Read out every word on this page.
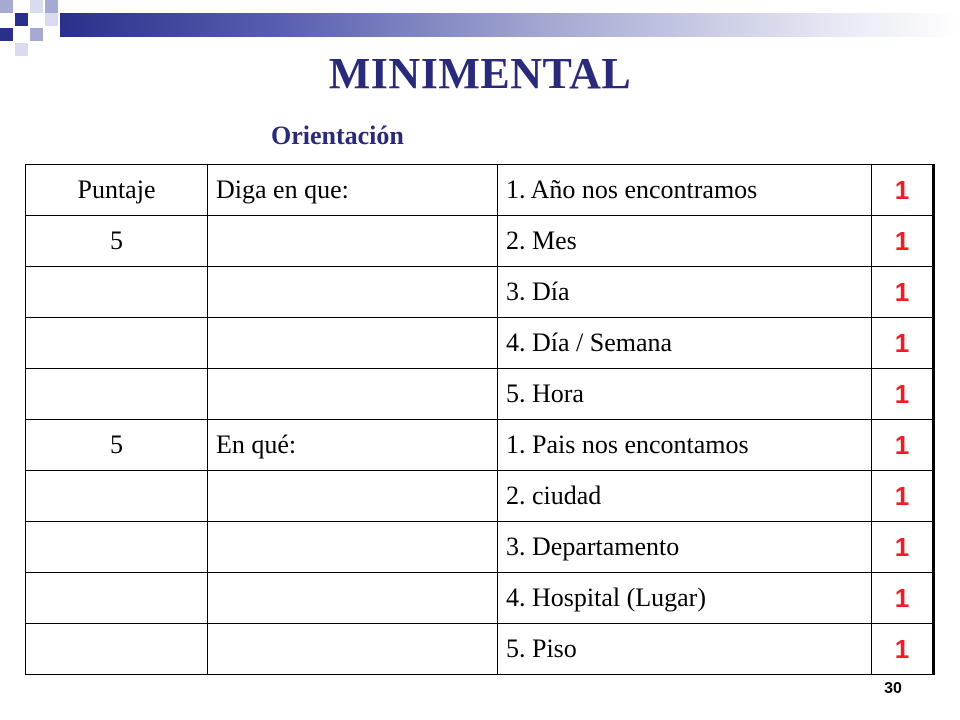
MINIMENTAL
Orientación
Puntaje	Diga en que:	1. Año nos encontramos	1
5		2. Mes	1
		3. Día	1
		4. Día / Semana	1
		5. Hora	1
5	En qué:	1. Pais nos encontamos	1
		2. ciudad	1
		3. Departamento	1
		4. Hospital (Lugar)	1
		5. Piso	1
30
